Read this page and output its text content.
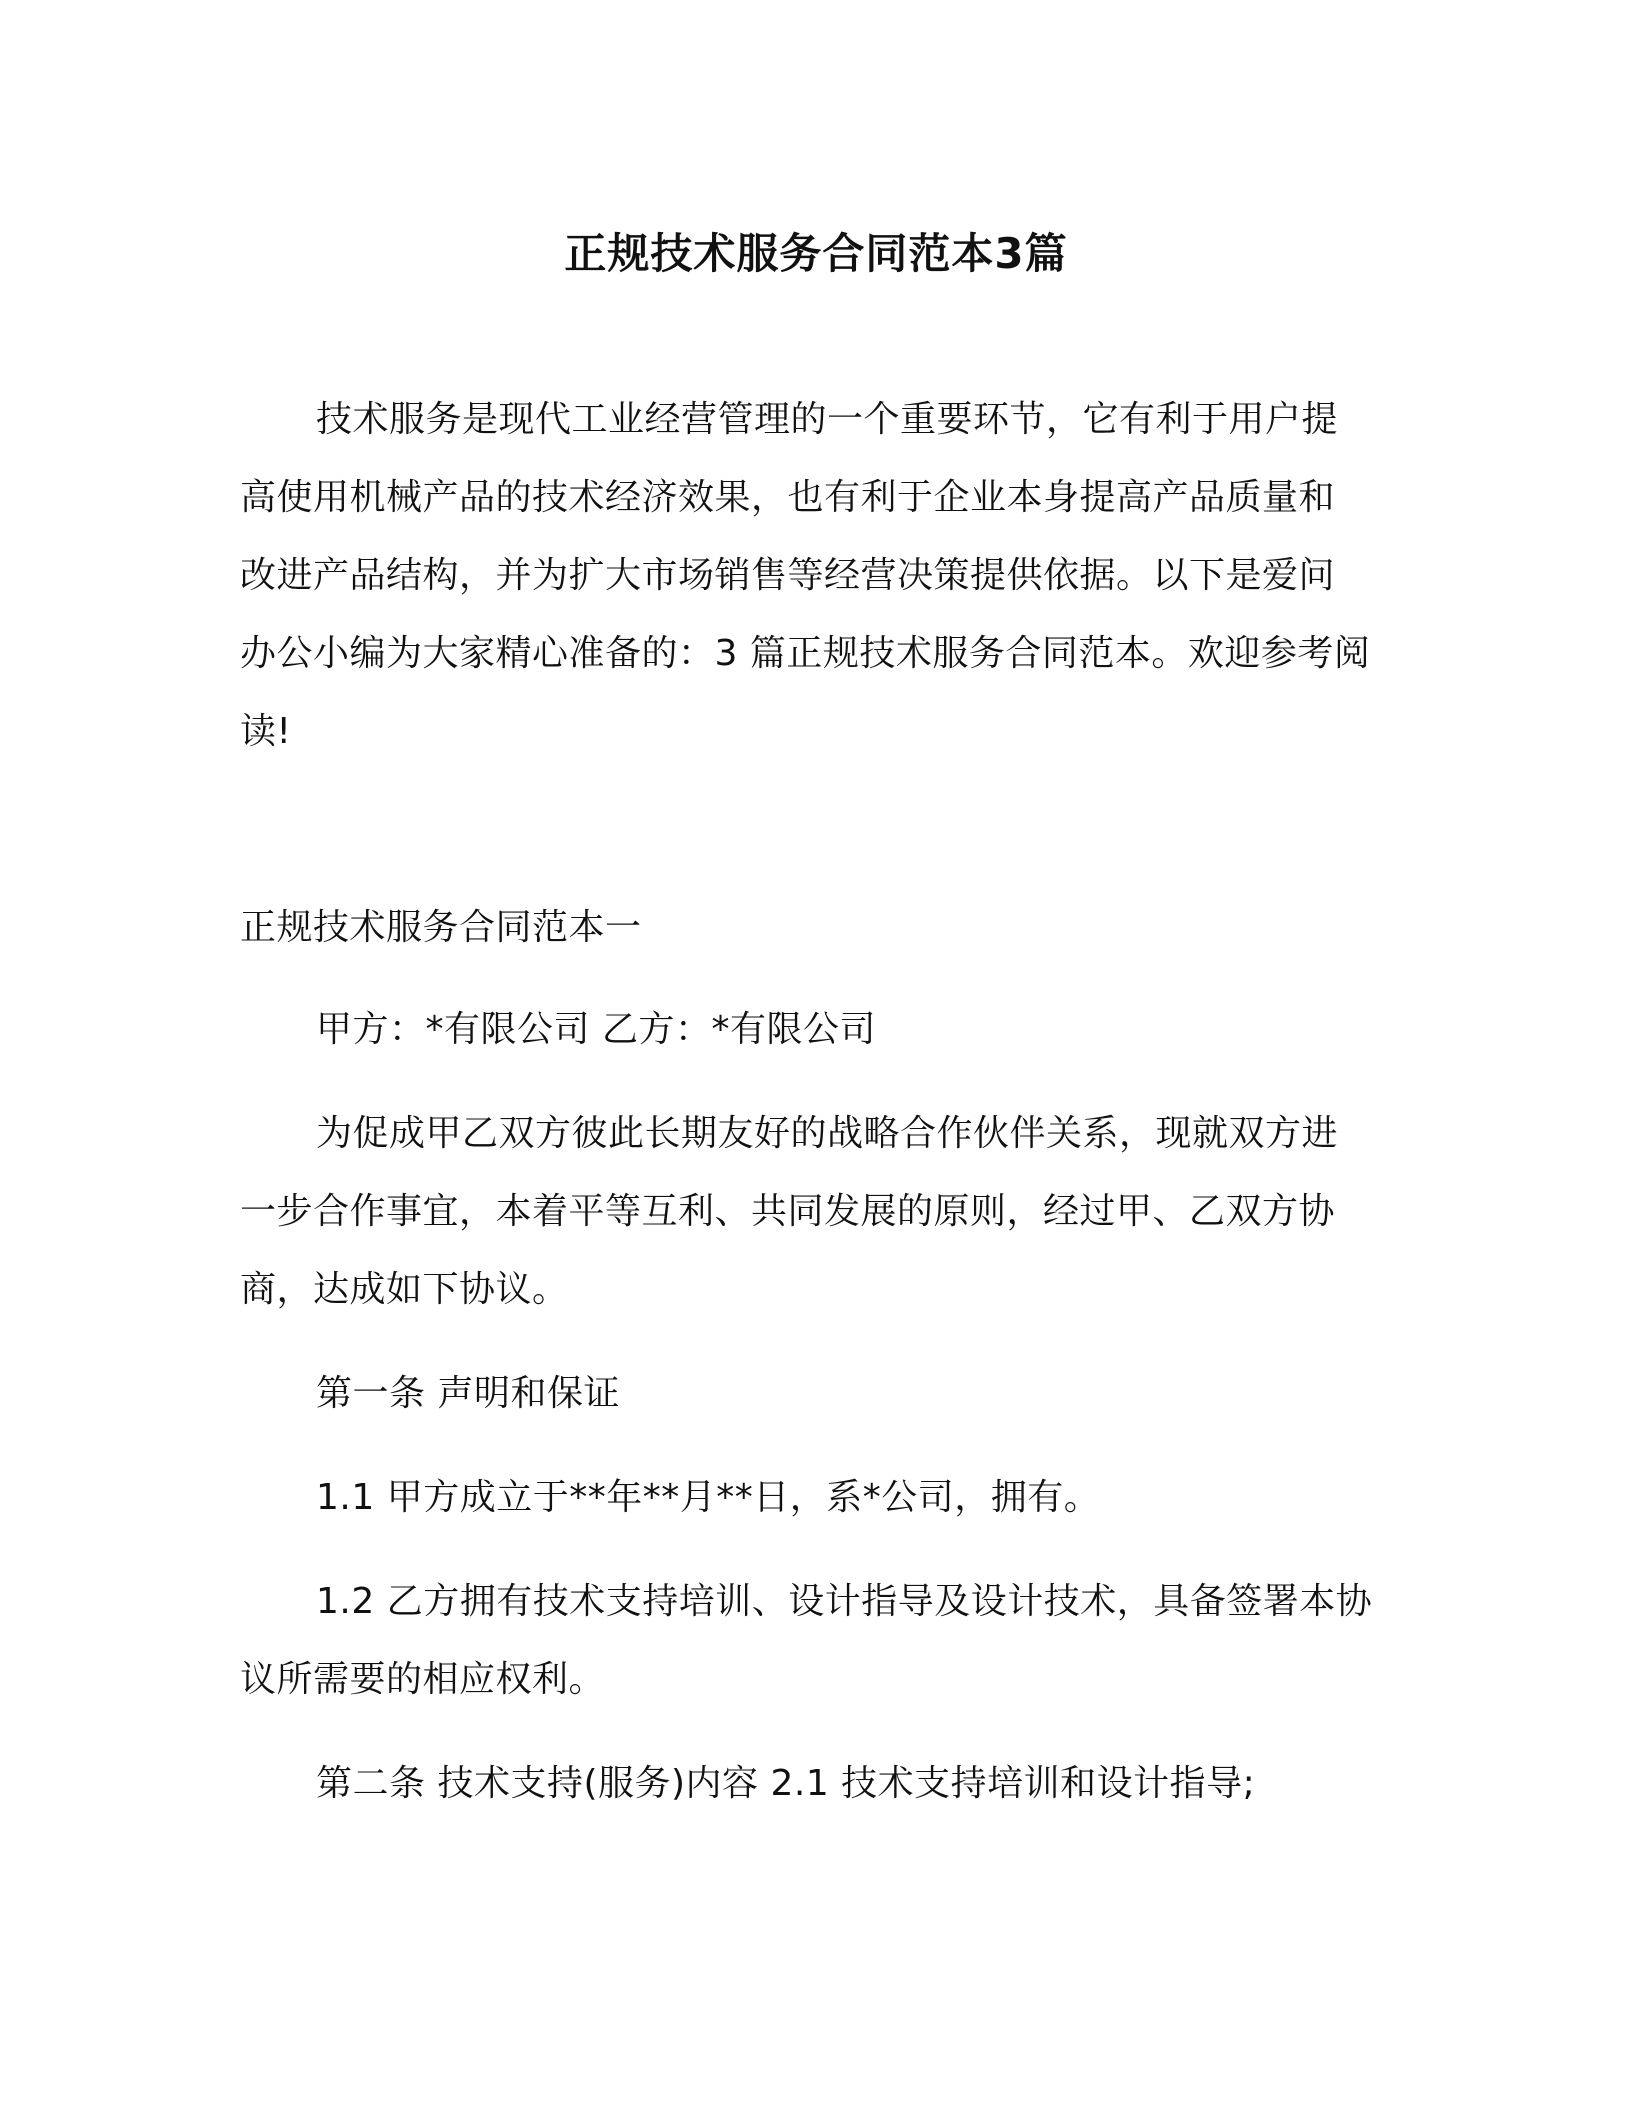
正规技术服务合同范本3篇
技术服务是现代工业经营管理的一个重要环节，它有利于用户提
高使用机械产品的技术经济效果，也有利于企业本身提高产品质量和
改进产品结构，并为扩大市场销售等经营决策提供依据。以下是爱问
办公小编为大家精心准备的：3 篇正规技术服务合同范本。欢迎参考阅
读!
正规技术服务合同范本一
甲方：*有限公司 乙方：*有限公司
为促成甲乙双方彼此长期友好的战略合作伙伴关系，现就双方进
一步合作事宜，本着平等互利、共同发展的原则，经过甲、乙双方协
商，达成如下协议。
第一条 声明和保证
1.1 甲方成立于**年**月**日，系*公司，拥有。
1.2 乙方拥有技术支持培训、设计指导及设计技术，具备签署本协
议所需要的相应权利。
第二条 技术支持(服务)内容 2.1 技术支持培训和设计指导;
